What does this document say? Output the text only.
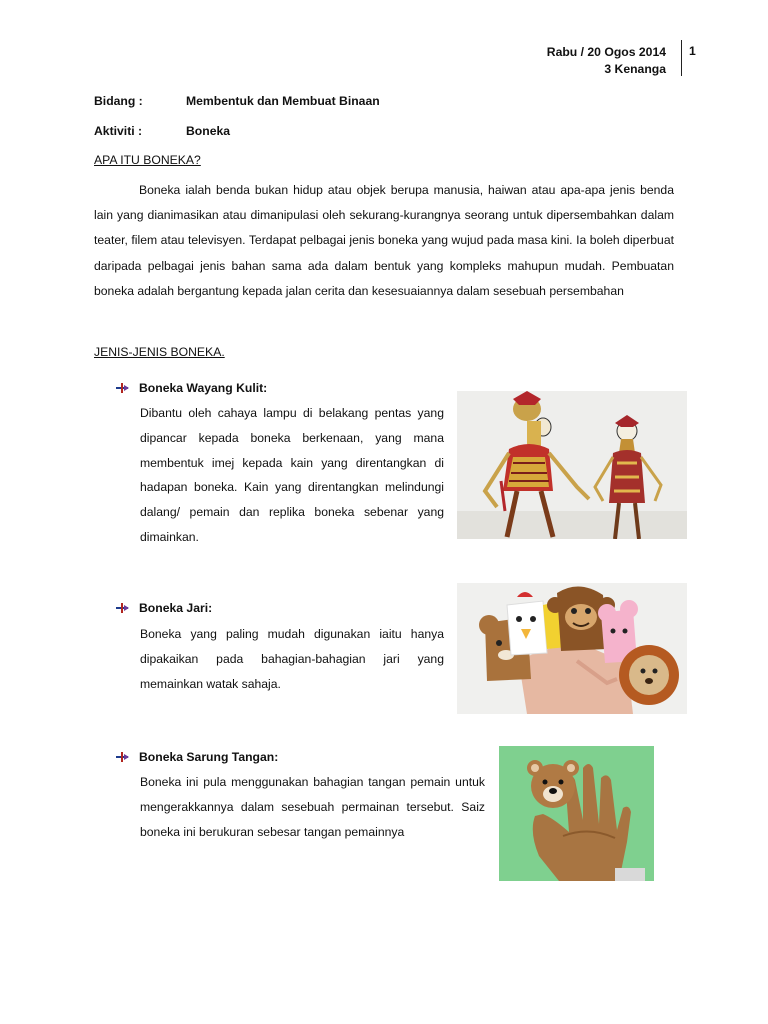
Rabu / 20 Ogos 2014
3 Kenanga
1
Bidang :	Membentuk dan Membuat Binaan
Aktiviti :	Boneka
APA ITU BONEKA?
Boneka ialah benda bukan hidup atau objek berupa manusia, haiwan atau apa-apa jenis benda lain yang dianimasikan atau dimanipulasi oleh sekurang-kurangnya seorang untuk dipersembahkan dalam teater, filem atau televisyen. Terdapat pelbagai jenis boneka yang wujud pada masa kini. Ia boleh diperbuat daripada pelbagai jenis bahan sama ada dalam bentuk yang kompleks mahupun mudah. Pembuatan boneka adalah bergantung kepada jalan cerita dan kesesuaiannya dalam sesebuah persembahan
JENIS-JENIS BONEKA.
Boneka Wayang Kulit:
Dibantu oleh cahaya lampu di belakang pentas yang dipancar kepada boneka berkenaan, yang mana membentuk imej kepada kain yang direntangkan di hadapan boneka. Kain yang direntangkan melindungi dalang/ pemain dan replika boneka sebenar yang dimainkan.
Boneka Jari:
Boneka yang paling mudah digunakan iaitu hanya dipakaikan pada bahagian-bahagian jari yang memainkan watak sahaja.
Boneka Sarung Tangan:
Boneka ini pula menggunakan bahagian tangan pemain untuk mengerakkannya dalam sesebuah permainan tersebut. Saiz boneka ini berukuran sebesar tangan pemainnya
